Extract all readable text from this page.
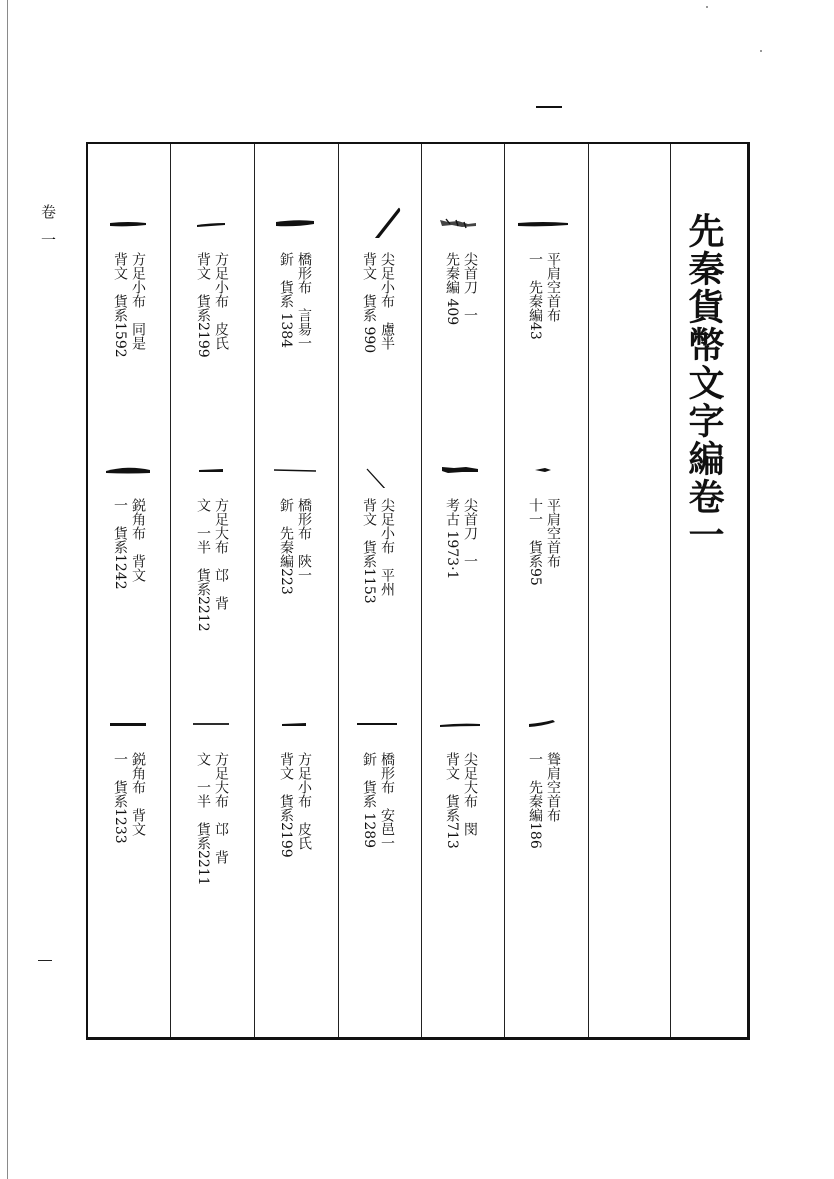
卷 一	先秦貨幣文字編卷一
平肩空首布
一　先秦編43
平肩空首布
十一　貨系95
聳肩空首布
一　先秦編186
尖首刀　一
先秦編 409
尖首刀　一
考古 1973·1
尖足大布　閔
背文　貨系713
尖足小布　慮半
背文　貨系 990
尖足小布　平州
背文　貨系1153
橋形布　安邑一
釿　貨系 1289
橋形布　言昜一
釿　貨系 1384
橋形布　陝一
釿　先秦編223
方足小布　皮氏
背文　貨系2199
方足小布　皮氏
背文　貨系2199
方足大布　邙　背
文　一半　貨系2212
方足大布　邙　背
文　一半　貨系2211
方足小布　同是
背文　貨系1592
鋭角布　背文
一　貨系1242
鋭角布　背文
一　貨系1233
